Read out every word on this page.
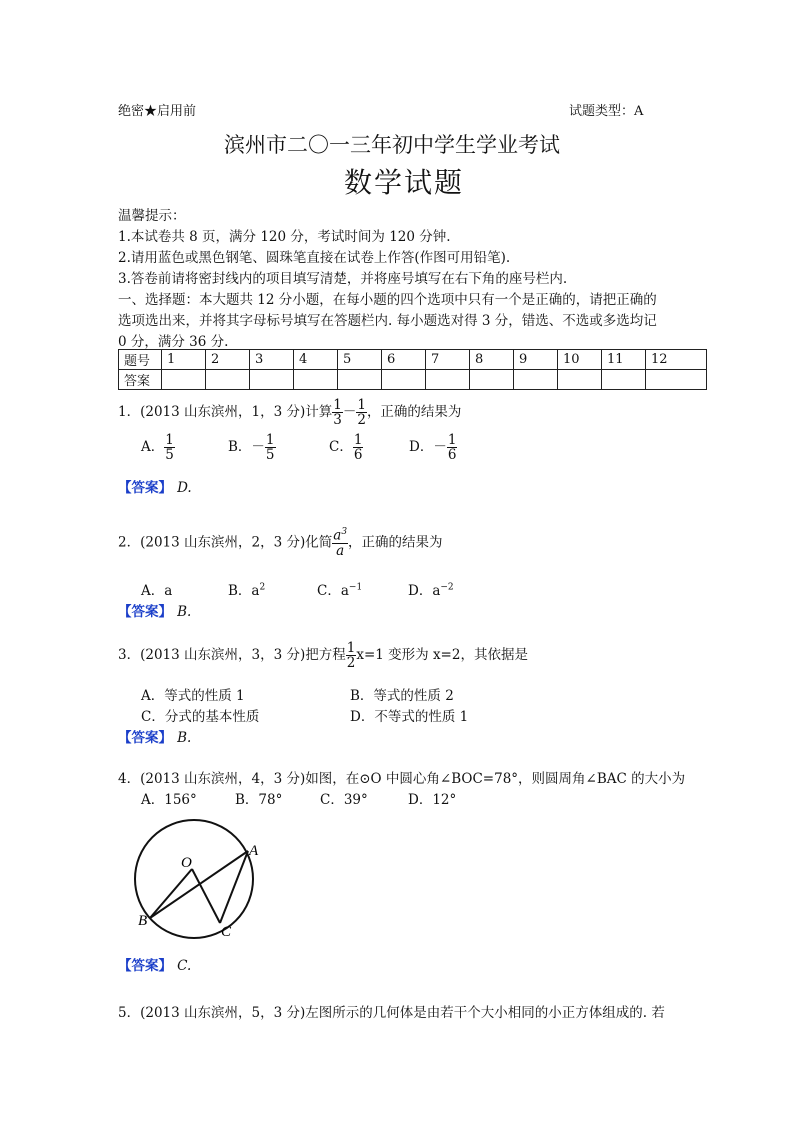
绝密★启用前	试题类型：A
滨州市二〇一三年初中学生学业考试
数学试题
温馨提示：
1.本试卷共 8 页，满分 120 分，考试时间为 120 分钟.
2.请用蓝色或黑色钢笔、圆珠笔直接在试卷上作答(作图可用铅笔).
3.答卷前请将密封线内的项目填写清楚，并将座号填写在右下角的座号栏内.
一、选择题：本大题共 12 分小题，在每小题的四个选项中只有一个是正确的，请把正确的
选项选出来，并将其字母标号填写在答题栏内. 每小题选对得 3 分，错选、不选或多选均记
0 分，满分 36 分.
题号	1	2	3	4	5	6	7	8	9	10	11	12
答案												
1．(2013 山东滨州，1，3 分)计算 $\frac{1}{3} - \frac{1}{2}$ ，正确的结果为
A． $\frac{1}{5}$	B．－ $\frac{1}{5}$	C． $\frac{1}{6}$	D．－ $\frac{1}{6}$
【答案】 D.
2．(2013 山东滨州，2，3 分)化简 $\frac{a^3}{a}$ ，正确的结果为
A．a	B．$a^2$	C．$a^{-1}$	D．$a^{-2}$
【答案】 B.
3．(2013 山东滨州，3，3 分)把方程 $\frac{1}{2} x=1$ 变形为 x=2，其依据是
A．等式的性质 1	B．等式的性质 2
C．分式的基本性质	D．不等式的性质 1
【答案】 B.
4．(2013 山东滨州，4，3 分)如图，在⊙O 中圆心角∠BOC=78°，则圆周角∠BAC 的大小为
A．156°	B．78°	C．39°	D．12°
O
A
B
C
【答案】 C.
5．(2013 山东滨州，5，3 分)左图所示的几何体是由若干个大小相同的小正方体组成的. 若
